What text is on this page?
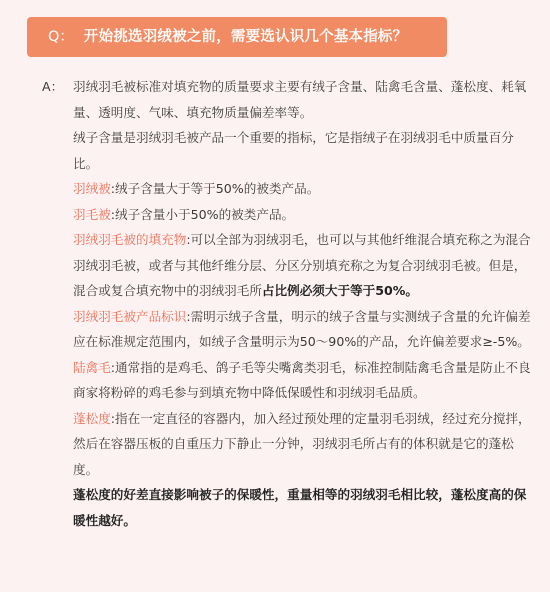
Q： 开始挑选羽绒被之前，需要选认识几个基本指标？
A： 羽绒羽毛被标准对填充物的质量要求主要有绒子含量、陆禽毛含量、蓬松度、耗氧量、透明度、气味、填充物质量偏差率等。

绒子含量是羽绒羽毛被产品一个重要的指标，它是指绒子在羽绒羽毛中质量百分比。

羽绒被:绒子含量大于等于50%的被类产品。

羽毛被:绒子含量小于50%的被类产品。

羽绒羽毛被的填充物:可以全部为羽绒羽毛，也可以与其他纤维混合填充称之为混合羽绒羽毛被，或者与其他纤维分层、分区分别填充称之为复合羽绒羽毛被。但是，混合或复合填充物中的羽绒羽毛所占比例必须大于等于50%。

羽绒羽毛被产品标识:需明示绒子含量，明示的绒子含量与实测绒子含量的允许偏差应在标准规定范围内，如绒子含量明示为50～90%的产品，允许偏差要求≥-5%。

陆禽毛:通常指的是鸡毛、鸽子毛等尖嘴禽类羽毛，标准控制陆禽毛含量是防止不良商家将粉碎的鸡毛参与到填充物中降低保暖性和羽绒羽毛品质。

蓬松度:指在一定直径的容器内，加入经过预处理的定量羽毛羽绒，经过充分搅拌，然后在容器压板的自重压力下静止一分钟，羽绒羽毛所占有的体积就是它的蓬松度。

蓬松度的好差直接影响被子的保暖性，重量相等的羽绒羽毛相比较，蓬松度高的保暖性越好。
